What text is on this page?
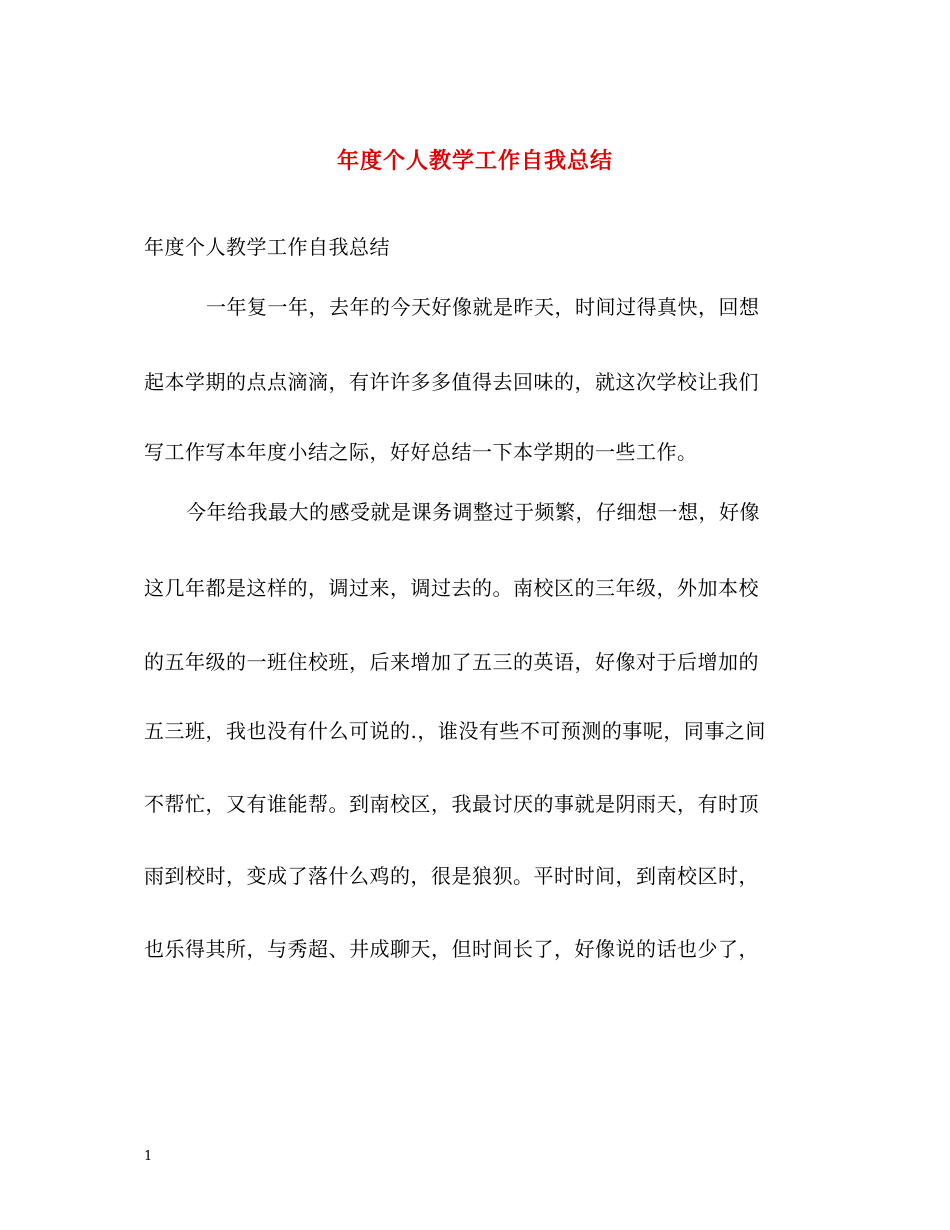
年度个人教学工作自我总结
年度个人教学工作自我总结
一年复一年，去年的今天好像就是昨天，时间过得真快，回想
起本学期的点点滴滴，有许许多多值得去回味的，就这次学校让我们
写工作写本年度小结之际，好好总结一下本学期的一些工作。
今年给我最大的感受就是课务调整过于频繁，仔细想一想，好像
这几年都是这样的，调过来，调过去的。南校区的三年级，外加本校
的五年级的一班住校班，后来增加了五三的英语，好像对于后增加的
五三班，我也没有什么可说的.，谁没有些不可预测的事呢，同事之间
不帮忙，又有谁能帮。到南校区，我最讨厌的事就是阴雨天，有时顶
雨到校时，变成了落什么鸡的，很是狼狈。平时时间，到南校区时，
也乐得其所，与秀超、井成聊天，但时间长了，好像说的话也少了，
1
